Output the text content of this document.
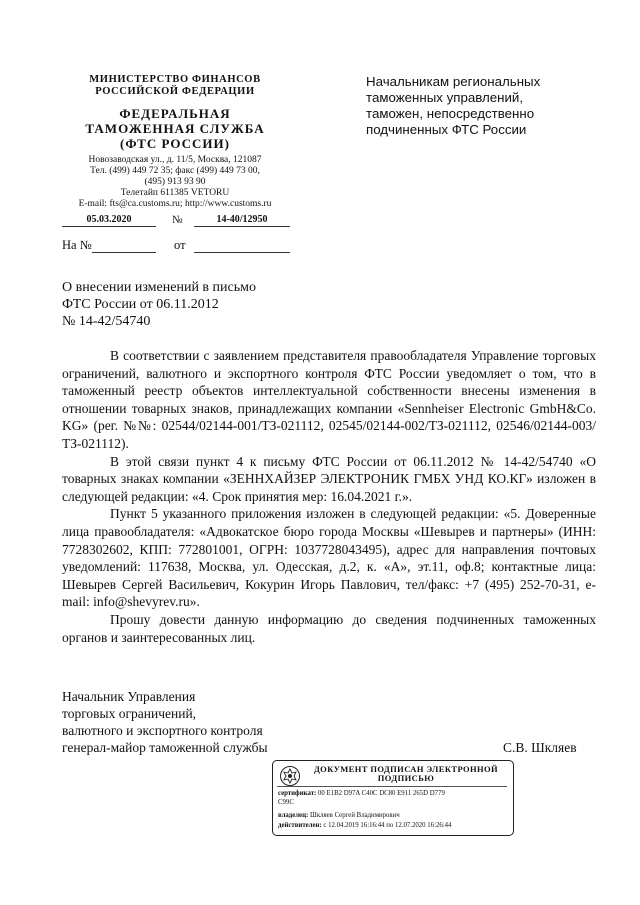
МИНИСТЕРСТВО ФИНАНСОВ
РОССИЙСКОЙ ФЕДЕРАЦИИ
ФЕДЕРАЛЬНАЯ
ТАМОЖЕННАЯ СЛУЖБА
(ФТС РОССИИ)
Новозаводская ул., д. 11/5, Москва, 121087
Тел. (499) 449 72 35; факс (499) 449 73 00,
(495) 913 93 90
Телетайп 611385 VETORU
E-mail: fts@ca.customs.ru; http://www.customs.ru
05.03.2020	№	14-40/12950
На №	от
Начальникам региональных
таможенных управлений,
таможен, непосредственно
подчиненных ФТС России
О внесении изменений в письмо
ФТС России от 06.11.2012
№ 14-42/54740

В соответствии с заявлением представителя правообладателя Управление торговых ограничений, валютного и экспортного контроля ФТС России уведомляет о том, что в таможенный реестр объектов интеллектуальной собственности внесены изменения в отношении товарных знаков, принадлежащих компании «Sennheiser Electronic GmbH&Co. KG» (рег. №№: 02544/02144-001/ТЗ-021112, 02545/02144-002/ТЗ-021112, 02546/02144-003/ТЗ-021112).

В этой связи пункт 4 к письму ФТС России от 06.11.2012 № 14-42/54740 «О товарных знаках компании «ЗЕННХАЙЗЕР ЭЛЕКТРОНИК ГМБХ УНД КО.КГ» изложен в следующей редакции: «4. Срок принятия мер: 16.04.2021 г.».

Пункт 5 указанного приложения изложен в следующей редакции: «5. Доверенные лица правообладателя: «Адвокатское бюро города Москвы «Шевырев и партнеры» (ИНН: 7728302602, КПП: 772801001, ОГРН: 1037728043495), адрес для направления почтовых уведомлений: 117638, Москва, ул. Одесская, д.2, к. «А», эт.11, оф.8; контактные лица: Шевырев Сергей Васильевич, Кокурин Игорь Павлович, тел/факс: +7 (495) 252-70-31, e-mail: info@shevyrev.ru».

Прошу довести данную информацию до сведения подчиненных таможенных органов и заинтересованных лиц.

Начальник Управления
торговых ограничений,
валютного и экспортного контроля
генерал-майор таможенной службы	С.В. Шкляев
ДОКУМЕНТ ПОДПИСАН ЭЛЕКТРОННОЙ
ПОДПИСЬЮ
сертификат: 00 E1B2 D97A C40C DC80 E911 265D D779
C99C
владелец: Шкляев Сергей Владимирович
действителен: с 12.04.2019 16:16:44 по 12.07.2020 16:26:44
